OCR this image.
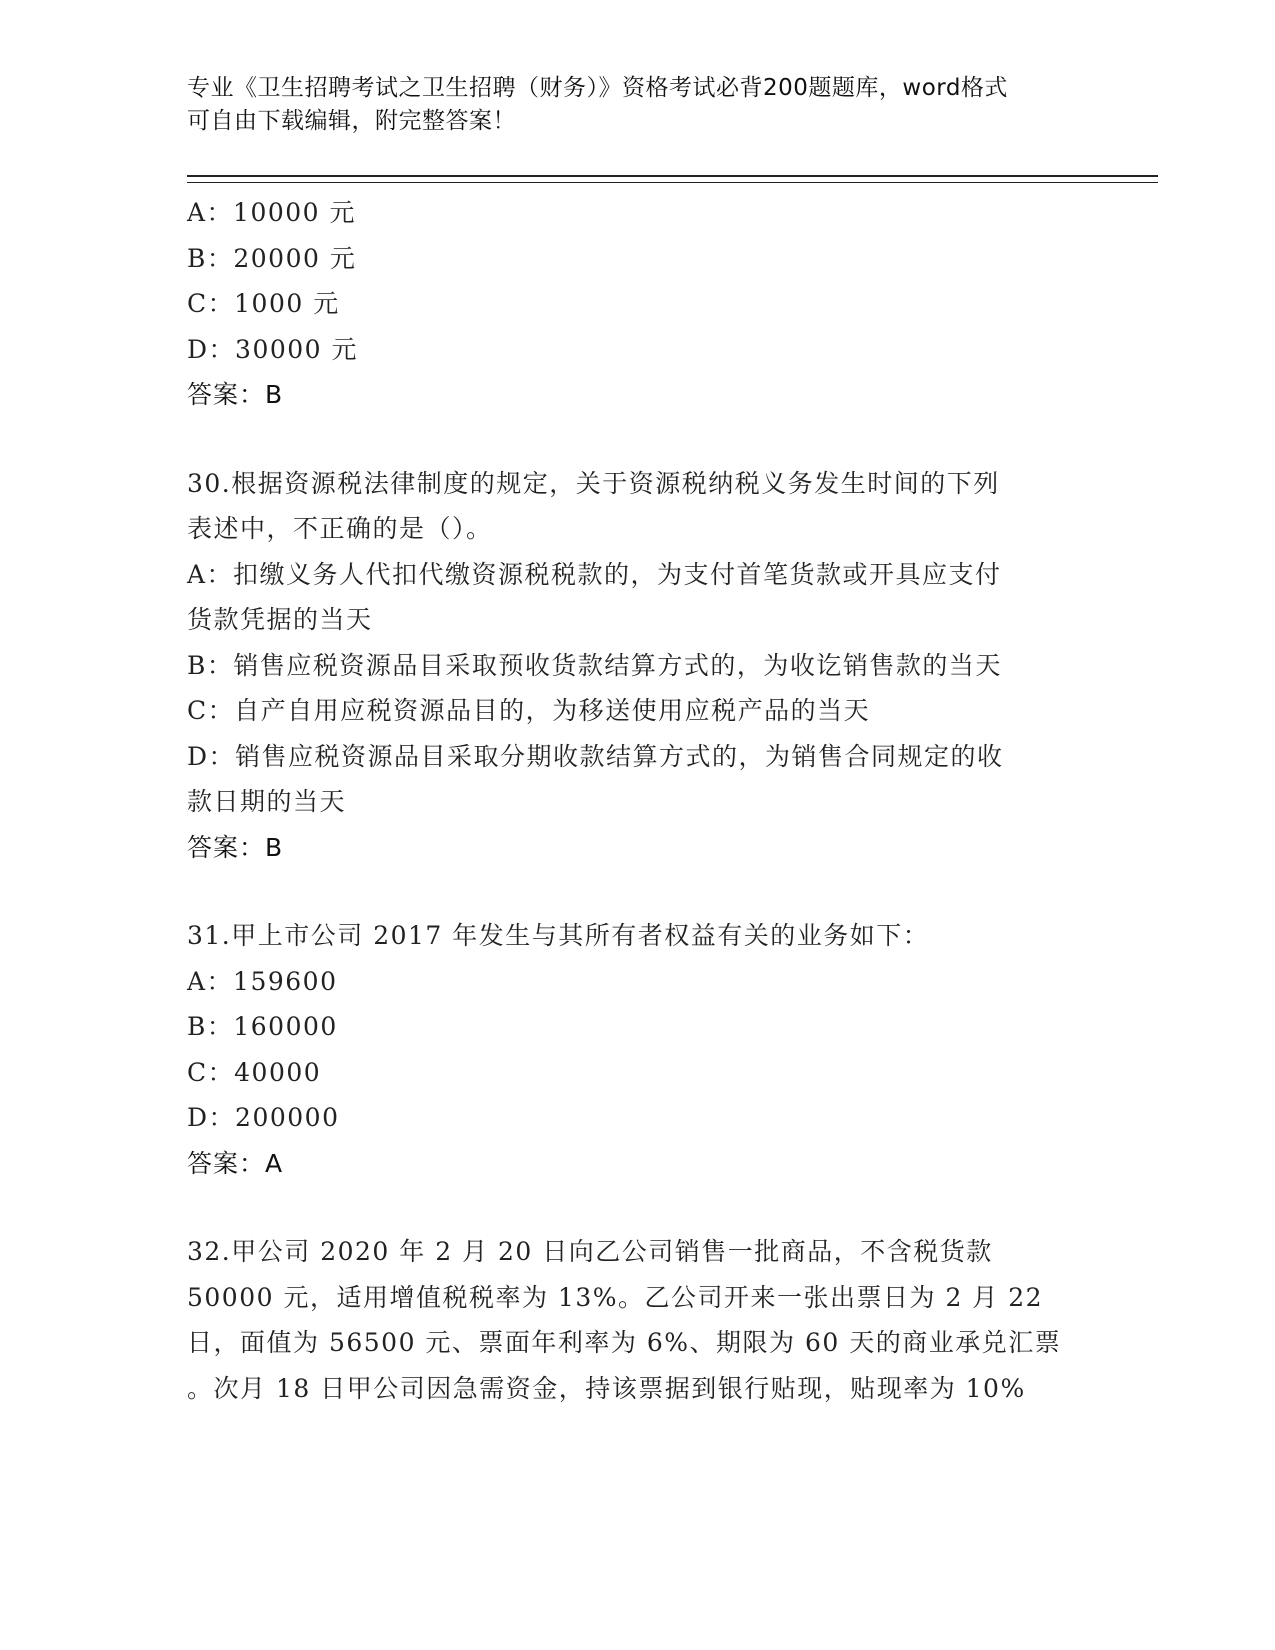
专业《卫生招聘考试之卫生招聘（财务）》资格考试必背200题题库，word格式
可自由下载编辑，附完整答案！
A：10000 元
B：20000 元
C：1000 元
D：30000 元
答案：B
30.根据资源税法律制度的规定，关于资源税纳税义务发生时间的下列
表述中，不正确的是（）。
A：扣缴义务人代扣代缴资源税税款的，为支付首笔货款或开具应支付
货款凭据的当天
B：销售应税资源品目采取预收货款结算方式的，为收讫销售款的当天
C：自产自用应税资源品目的，为移送使用应税产品的当天
D：销售应税资源品目采取分期收款结算方式的，为销售合同规定的收
款日期的当天
答案：B
31.甲上市公司 2017 年发生与其所有者权益有关的业务如下：
A：159600
B：160000
C：40000
D：200000
答案：A
32.甲公司 2020 年 2 月 20 日向乙公司销售一批商品，不含税货款
50000 元，适用增值税税率为 13%。乙公司开来一张出票日为 2 月 22
日，面值为 56500 元、票面年利率为 6%、期限为 60 天的商业承兑汇票
。次月 18 日甲公司因急需资金，持该票据到银行贴现，贴现率为 10%
